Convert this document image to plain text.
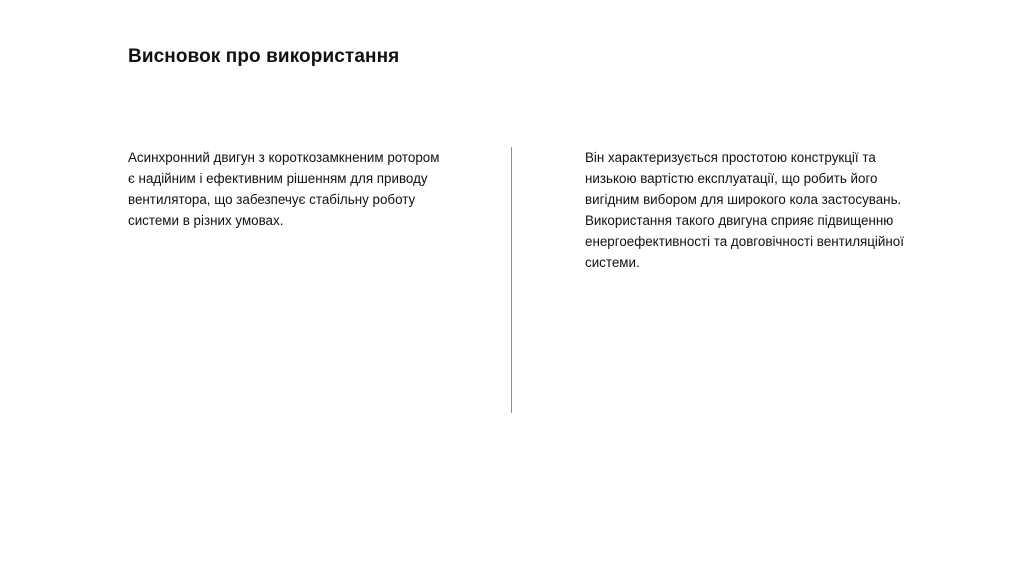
Висновок про використання
Асинхронний двигун з короткозамкненим ротором
є надійним і ефективним рішенням для приводу
вентилятора, що забезпечує стабільну роботу
системи в різних умовах.
Він характеризується простотою конструкції та
низькою вартістю експлуатації, що робить його
вигідним вибором для широкого кола застосувань.
Використання такого двигуна сприяє підвищенню
енергоефективності та довговічності вентиляційної
системи.
